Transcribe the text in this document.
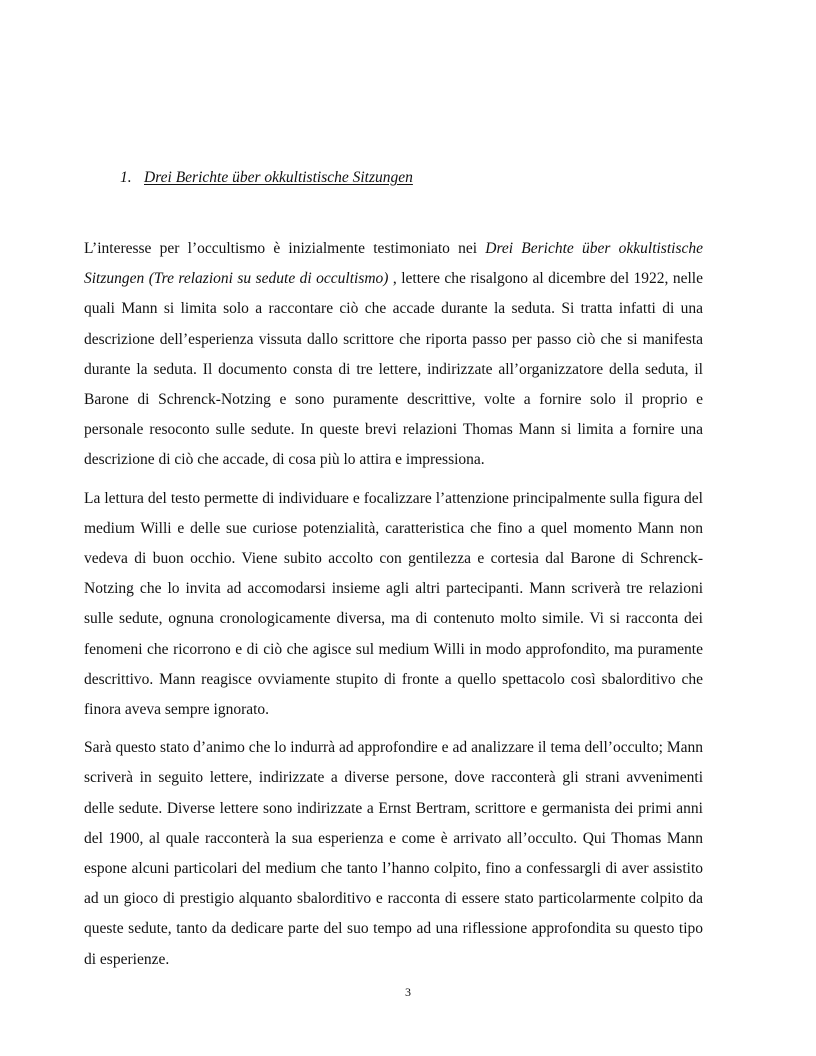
1. Drei Berichte über okkultistische Sitzungen

L’interesse per l’occultismo è inizialmente testimoniato nei Drei Berichte über okkultistische Sitzungen (Tre relazioni su sedute di occultismo) , lettere che risalgono al dicembre del 1922, nelle quali Mann si limita solo a raccontare ciò che accade durante la seduta. Si tratta infatti di una descrizione dell’esperienza vissuta dallo scrittore che riporta passo per passo ciò che si manifesta durante la seduta. Il documento consta di tre lettere, indirizzate all’organizzatore della seduta, il Barone di Schrenck-Notzing e sono puramente descrittive, volte a fornire solo il proprio e personale resoconto sulle sedute. In queste brevi relazioni Thomas Mann si limita a fornire una descrizione di ciò che accade, di cosa più lo attira e impressiona.

La lettura del testo permette di individuare e focalizzare l’attenzione principalmente sulla figura del medium Willi e delle sue curiose potenzialità, caratteristica che fino a quel momento Mann non vedeva di buon occhio. Viene subito accolto con gentilezza e cortesia dal Barone di Schrenck-Notzing che lo invita ad accomodarsi insieme agli altri partecipanti. Mann scriverà tre relazioni sulle sedute, ognuna cronologicamente diversa, ma di contenuto molto simile. Vi si racconta dei fenomeni che ricorrono e di ciò che agisce sul medium Willi in modo approfondito, ma puramente descrittivo. Mann reagisce ovviamente stupito di fronte a quello spettacolo così sbalorditivo che finora aveva sempre ignorato.

Sarà questo stato d’animo che lo indurrà ad approfondire e ad analizzare il tema dell’occulto; Mann scriverà in seguito lettere, indirizzate a diverse persone, dove racconterà gli strani avvenimenti delle sedute. Diverse lettere sono indirizzate a Ernst Bertram, scrittore e germanista dei primi anni del 1900, al quale racconterà la sua esperienza e come è arrivato all’occulto. Qui Thomas Mann espone alcuni particolari del medium che tanto l’hanno colpito, fino a confessargli di aver assistito ad un gioco di prestigio alquanto sbalorditivo e racconta di essere stato particolarmente colpito da queste sedute, tanto da dedicare parte del suo tempo ad una riflessione approfondita su questo tipo di esperienze.

3
